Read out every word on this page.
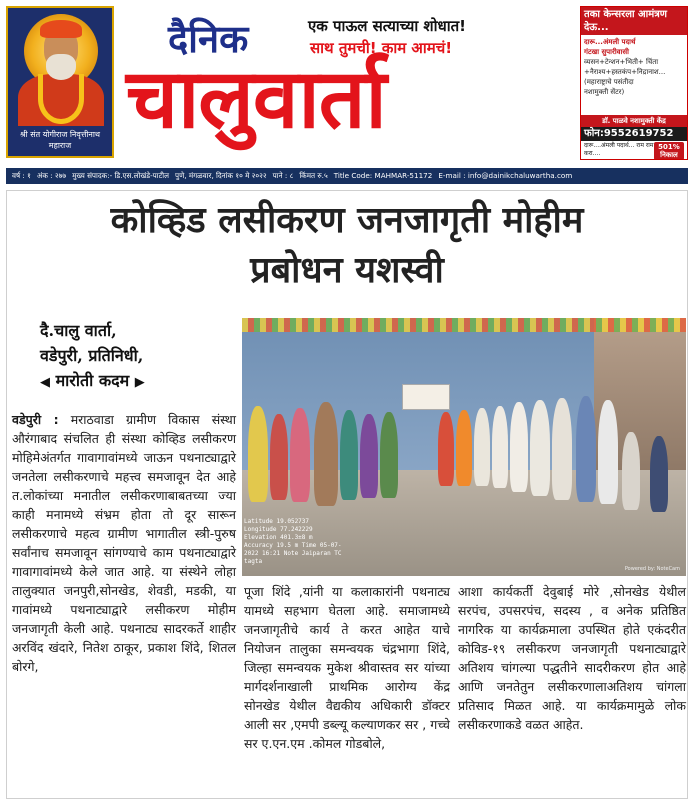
श्री संत योगीराज निवृत्तीनाथ महाराज
दैनिक	एक पाऊल सत्याच्या शोधात!
साथ तुमची! काम आमचं!
चालुवार्ता
तका केन्सरला आमंत्रण देऊ...
दारू...अंमली पदार्थ
गंटखा सुपारीवासी
व्यसन+टेन्शन+भिती+ चिंता
+नैराश्य+हस्तकंप+निद्रानाश...
(महाराष्ट्राचे पसंतीदा
नशामुक्ती सेंटर)
डॉ. पाळवे नशामुक्ती केंद्र
फोन:9552619752
दारू....अंमली पदार्थ... राम राम करा....
501% निकाल
वर्ष : १ अंक : २७७ मुख्य संपादक:- डि.एस.लोखंडे-पाटील पुणे, मंगळवार, दिनांक १० मे २०२२ पाने : ८ किंमत रु.५ Title Code: MAHMAR-51172 E-mail : info@dainikchaluwartha.com
कोव्हिड लसीकरण जनजागृती मोहीम
प्रबोधन यशस्वी
दै.चालु वार्ता,
वडेपुरी, प्रतिनिधी,
◀ मारोती कदम ▶
वडेपुरी : मराठवाडा ग्रामीण विकास संस्था औरंगाबाद संचलित ही संस्था कोव्हिड लसीकरण मोहिमेअंतर्गत गावागावांमध्ये जाऊन पथनाट्याद्वारे जनतेला लसीकरणाचे महत्त्व समजावून देत आहे त.लोकांच्या मनातील लसीकरणाबाबतच्या ज्या काही मनामध्ये संभ्रम होता तो दूर सारून लसीकरणाचे महत्व ग्रामीण भागातील स्त्री-पुरुष सर्वांनाच समजावून सांगण्याचे काम पथनाट्याद्वारे गावागावांमध्ये केले जात आहे. या संस्थेने लोहा तालुक्यात जनपुरी,सोनखेड, शेवडी, मडकी, या गावांमध्ये पथनाट्याद्वारे लसीकरण मोहीम जनजागृती केली आहे. पथनाट्य सादरकर्ते शाहीर अरविंद खंदारे, नितेश ठाकूर, प्रकाश शिंदे, शितल बोरगे,
Latitude 19.052737 Longitude 77.242229 Elevation 401.3±8 m Accuracy 19.5 m Time 05-07-2022 16:21 Note Jaiparan TC tagta
Powered by: NoteCam
पूजा शिंदे ,यांनी या कलाकारांनी पथनाट्य यामध्ये सहभाग घेतला आहे. समाजामध्ये जनजागृतीचे कार्य ते करत आहेत याचे नियोजन तालुका समन्वयक चंद्रभागा शिंदे, जिल्हा समन्वयक मुकेश श्रीवास्तव सर यांच्या मार्गदर्शनाखाली प्राथमिक आरोग्य केंद्र सोनखेड येथील वैद्यकीय अधिकारी डॉक्टर आली सर ,एमपी डब्ल्यू कल्याणकर सर , गच्चे सर ए.एन.एम .कोमल गोडबोले,
आशा कार्यकर्ती देवुबाई मोरे ,सोनखेड येथील सरपंच, उपसरपंच, सदस्य , व अनेक प्रतिष्ठित नागरिक या कार्यक्रमाला उपस्थित होते एकंदरीत कोविड-१९ लसीकरण जनजागृती पथनाट्याद्वारे अतिशय चांगल्या पद्धतीने सादरीकरण होत आहे आणि जनतेतुन लसीकरणालाअतिशय चांगला प्रतिसाद मिळत आहे. या कार्यक्रमामुळे लोक लसीकरणाकडे वळत आहेत.
